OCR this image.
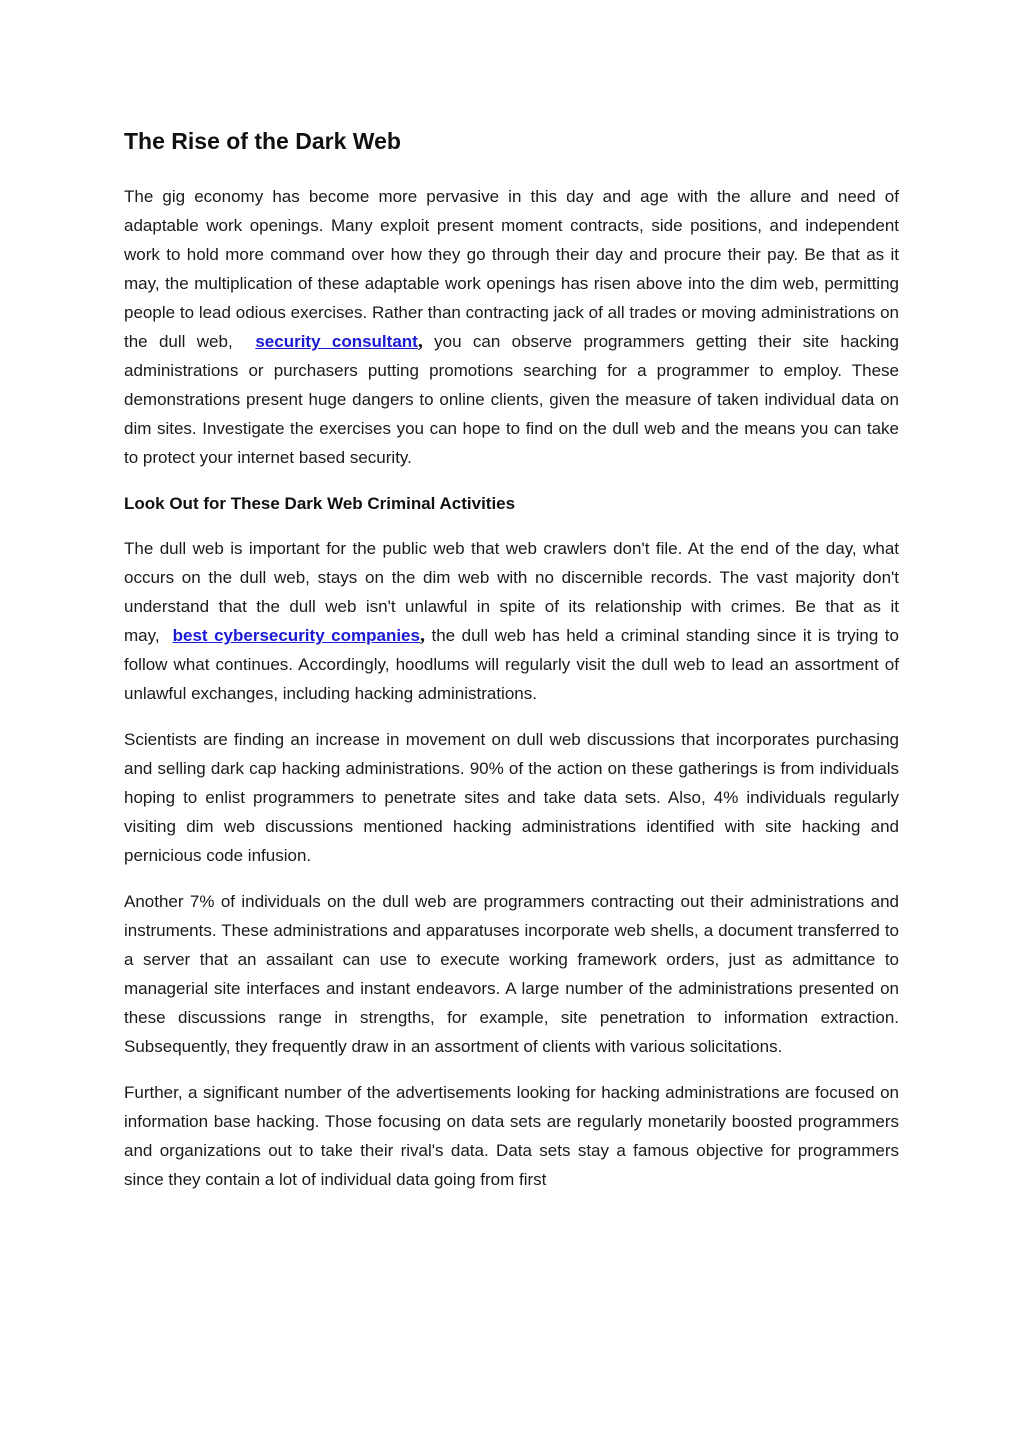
The Rise of the Dark Web

The gig economy has become more pervasive in this day and age with the allure and need of adaptable work openings. Many exploit present moment contracts, side positions, and independent work to hold more command over how they go through their day and procure their pay. Be that as it may, the multiplication of these adaptable work openings has risen above into the dim web, permitting people to lead odious exercises. Rather than contracting jack of all trades or moving administrations on the dull web, security consultant, you can observe programmers getting their site hacking administrations or purchasers putting promotions searching for a programmer to employ. These demonstrations present huge dangers to online clients, given the measure of taken individual data on dim sites. Investigate the exercises you can hope to find on the dull web and the means you can take to protect your internet based security.

Look Out for These Dark Web Criminal Activities

The dull web is important for the public web that web crawlers don't file. At the end of the day, what occurs on the dull web, stays on the dim web with no discernible records. The vast majority don't understand that the dull web isn't unlawful in spite of its relationship with crimes. Be that as it may, best cybersecurity companies, the dull web has held a criminal standing since it is trying to follow what continues. Accordingly, hoodlums will regularly visit the dull web to lead an assortment of unlawful exchanges, including hacking administrations.

Scientists are finding an increase in movement on dull web discussions that incorporates purchasing and selling dark cap hacking administrations. 90% of the action on these gatherings is from individuals hoping to enlist programmers to penetrate sites and take data sets. Also, 4% individuals regularly visiting dim web discussions mentioned hacking administrations identified with site hacking and pernicious code infusion.

Another 7% of individuals on the dull web are programmers contracting out their administrations and instruments. These administrations and apparatuses incorporate web shells, a document transferred to a server that an assailant can use to execute working framework orders, just as admittance to managerial site interfaces and instant endeavors. A large number of the administrations presented on these discussions range in strengths, for example, site penetration to information extraction. Subsequently, they frequently draw in an assortment of clients with various solicitations.

Further, a significant number of the advertisements looking for hacking administrations are focused on information base hacking. Those focusing on data sets are regularly monetarily boosted programmers and organizations out to take their rival's data. Data sets stay a famous objective for programmers since they contain a lot of individual data going from first
